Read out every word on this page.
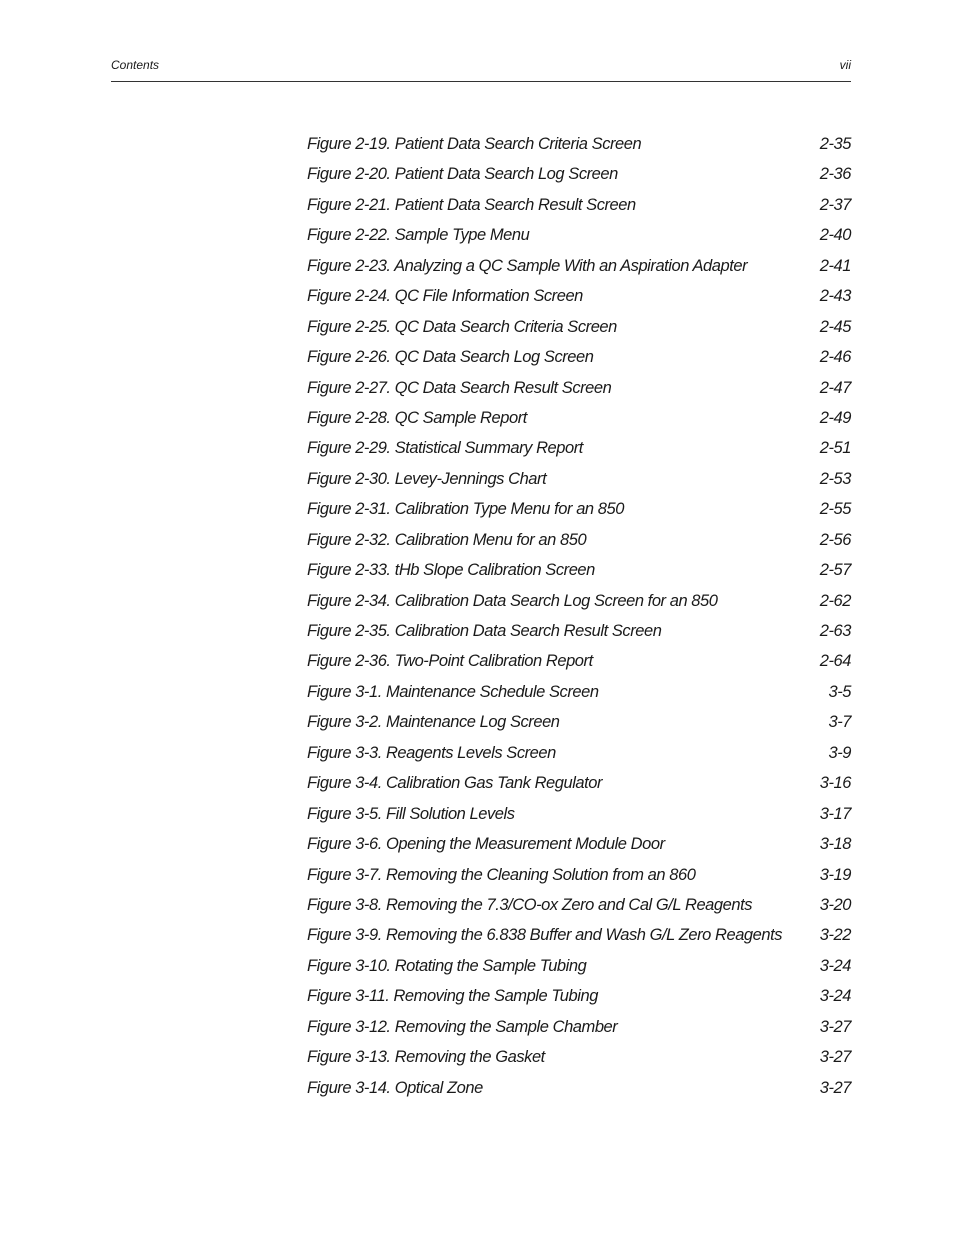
Contents	vii
Figure 2-19. Patient Data Search Criteria Screen	2-35
Figure 2-20. Patient Data Search Log Screen	2-36
Figure 2-21. Patient Data Search Result Screen	2-37
Figure 2-22. Sample Type Menu	2-40
Figure 2-23. Analyzing a QC Sample With an Aspiration Adapter	2-41
Figure 2-24. QC File Information Screen	2-43
Figure 2-25. QC Data Search Criteria Screen	2-45
Figure 2-26. QC Data Search Log Screen	2-46
Figure 2-27. QC Data Search Result Screen	2-47
Figure 2-28. QC Sample Report	2-49
Figure 2-29. Statistical Summary Report	2-51
Figure 2-30. Levey-Jennings Chart	2-53
Figure 2-31. Calibration Type Menu for an 850	2-55
Figure 2-32. Calibration Menu for an 850	2-56
Figure 2-33. tHb Slope Calibration Screen	2-57
Figure 2-34. Calibration Data Search Log Screen for an 850	2-62
Figure 2-35. Calibration Data Search Result Screen	2-63
Figure 2-36. Two-Point Calibration Report	2-64
Figure 3-1. Maintenance Schedule Screen	3-5
Figure 3-2. Maintenance Log Screen	3-7
Figure 3-3. Reagents Levels Screen	3-9
Figure 3-4. Calibration Gas Tank Regulator	3-16
Figure 3-5. Fill Solution Levels	3-17
Figure 3-6. Opening the Measurement Module Door	3-18
Figure 3-7. Removing the Cleaning Solution from an 860	3-19
Figure 3-8. Removing the 7.3/CO-ox Zero and Cal G/L Reagents	3-20
Figure 3-9. Removing the 6.838 Buffer and Wash G/L Zero Reagents 3-22
Figure 3-10. Rotating the Sample Tubing	3-24
Figure 3-11. Removing the Sample Tubing	3-24
Figure 3-12. Removing the Sample Chamber	3-27
Figure 3-13. Removing the Gasket	3-27
Figure 3-14. Optical Zone	3-27
